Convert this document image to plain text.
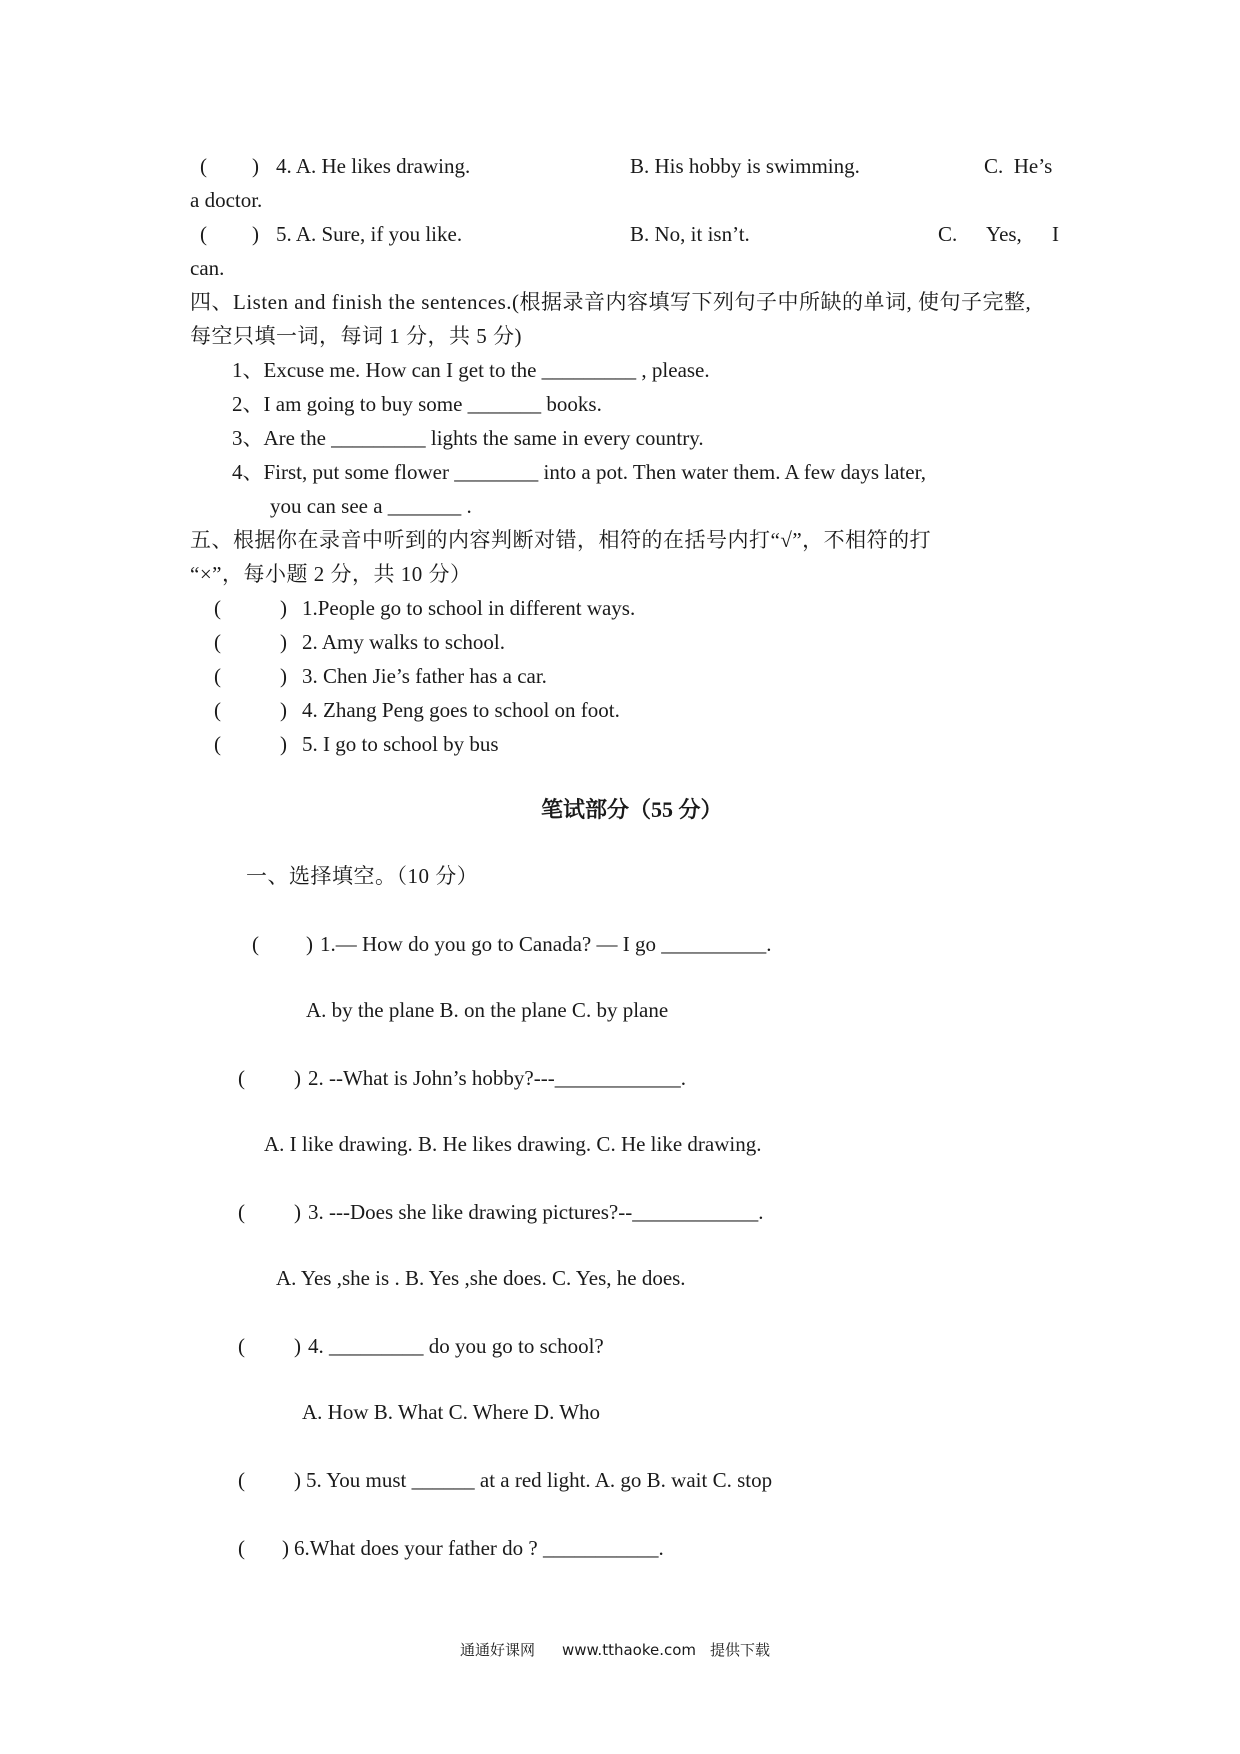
( ) 4. A. He likes drawing.	B. His hobby is swimming.	C.  He’s
a doctor.
( ) 5. A. Sure, if you like.	B. No, it isn’t.	C. Yes, I
can.
四、Listen and finish the sentences.(根据录音内容填写下列句子中所缺的单词, 使句子完整,
每空只填一词，每词 1 分，共 5 分)
1、Excuse me. How can I get to the _________ , please.
2、I am going to buy some _______ books.
3、Are the _________ lights the same in every country.
4、First, put some flower ________ into a pot. Then water them. A few days later,
you can see a _______ .
五、根据你在录音中听到的内容判断对错，相符的在括号内打“√”，不相符的打
“×”，每小题 2 分，共 10 分）
(	) 1.People go to school in different ways.
(	) 2. Amy walks to school.
(	) 3. Chen Jie’s father has a car.
(	) 4. Zhang Peng goes to school on foot.
(	) 5. I go to school by bus
笔试部分（55 分）
一、选择填空。（10 分）
( ) 1.— How do you go to Canada? — I go __________.
A. by the plane B. on the plane C. by plane
( ) 2. --What is John’s hobby?---____________.
A. I like drawing. B. He likes drawing. C. He like drawing.
( ) 3. ---Does she like drawing pictures?--____________.
A. Yes ,she is . B. Yes ,she does. C. Yes, he does.
( ) 4. _________ do you go to school?
A. How B. What C. Where D. Who
( ) 5. You must ______ at a red light. A. go B. wait C. stop
( ) 6.What does your father do ? ___________.
通通好课网 www.tthaoke.com 提供下载
